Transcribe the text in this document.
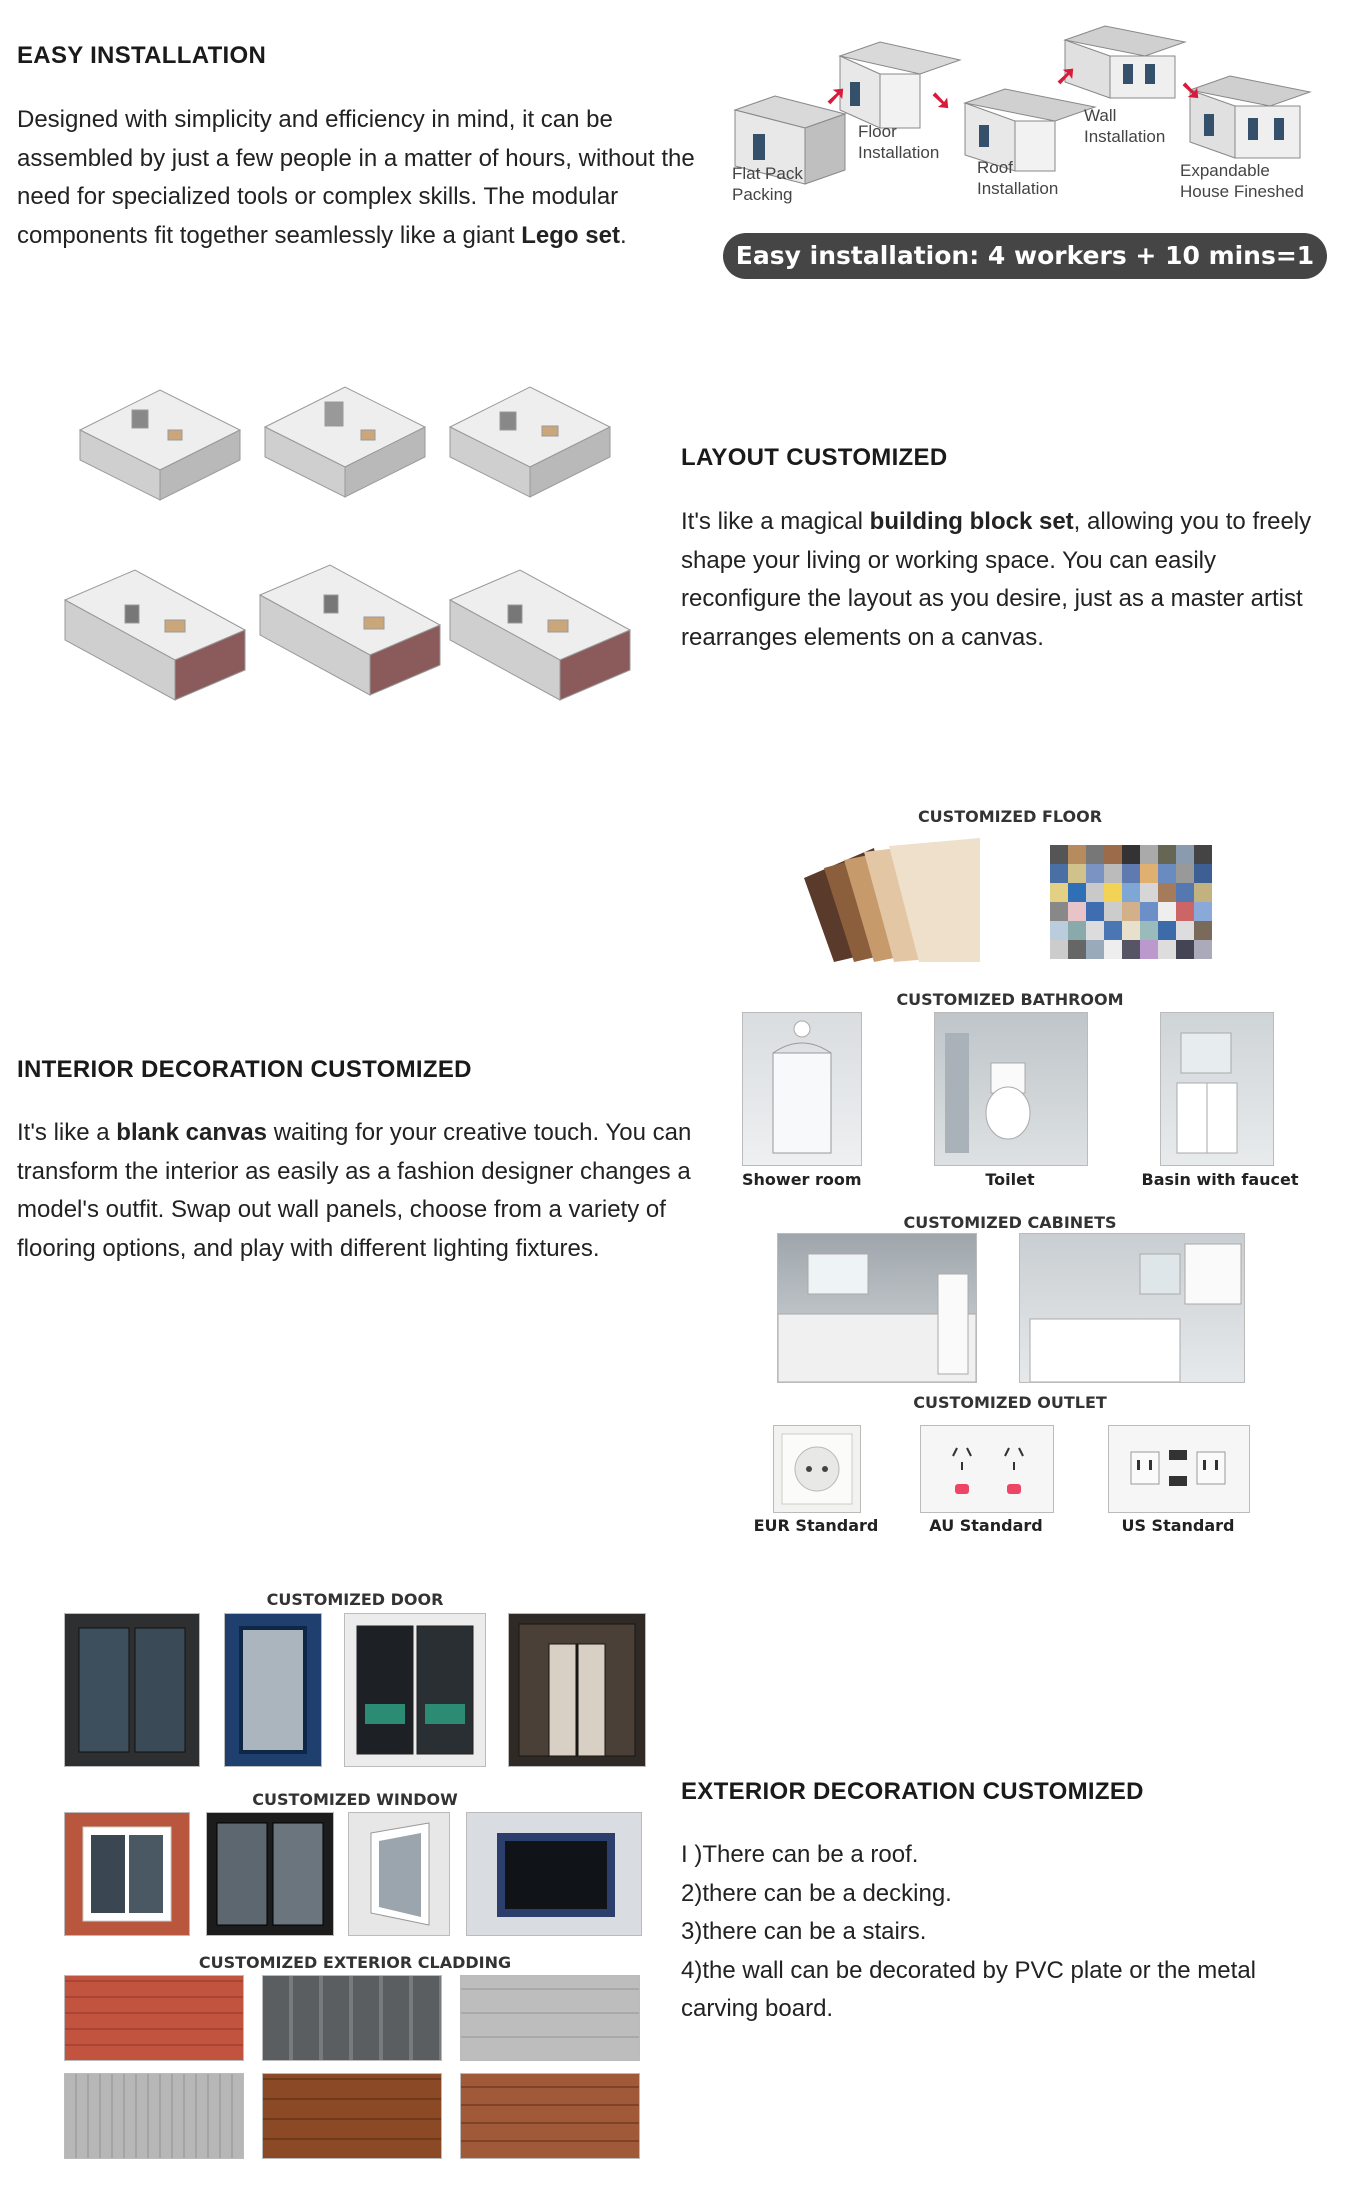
EASY INSTALLATION
Designed with simplicity and efficiency in mind, it can be assembled by just a few people in a matter of hours, without the need for specialized tools or complex skills. The modular components fit together seamlessly like a giant Lego set.
➚	➘
➚	➘
Flat Pack
Packing
Floor
Installation
Roof
Installation
Wall
Installation
Expandable
House Fineshed
Easy installation: 4 workers + 10 mins=1 house
LAYOUT CUSTOMIZED
It's like a magical building block set, allowing you to freely shape your living or working space. You can easily reconfigure the layout as you desire, just as a master artist rearranges elements on a canvas.
INTERIOR DECORATION CUSTOMIZED
It's like a blank canvas waiting for your creative touch. You can transform the interior as easily as a fashion designer changes a model's outfit. Swap out wall panels, choose from a variety of flooring options, and play with different lighting fixtures.
CUSTOMIZED FLOOR
CUSTOMIZED BATHROOM
Shower room	Toilet	Basin with faucet
CUSTOMIZED CABINETS
CUSTOMIZED OUTLET
EUR Standard	AU Standard	US Standard
CUSTOMIZED DOOR
CUSTOMIZED WINDOW
CUSTOMIZED EXTERIOR CLADDING
EXTERIOR DECORATION CUSTOMIZED
I )There can be a roof.
2)there can be a decking.
3)there can be a stairs.
4)the wall can be decorated by PVC plate or the metal carving board.
